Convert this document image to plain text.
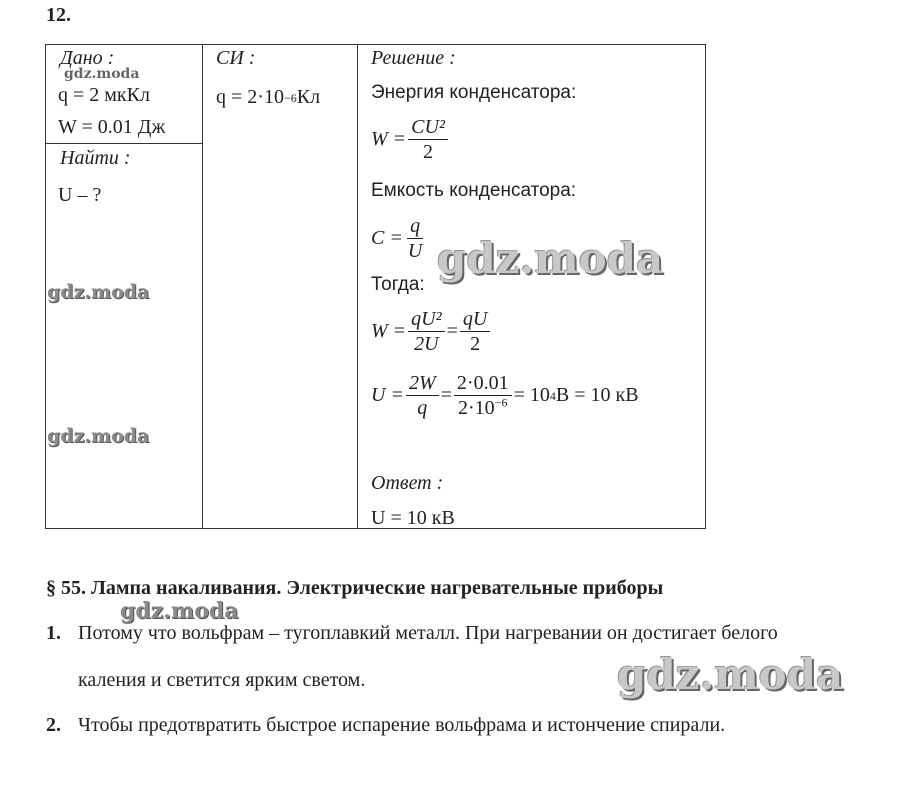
12.
Дано :
q = 2 мкКл
W = 0.01 Дж
Найти :
U – ?
СИ :
q = 2·10 −6 Кл
Решение :
Энергия конденсатора:
$W = \frac{\text{CU²}}{2}$
Емкость конденсатора:
$C = \frac{q}{U}$
Тогда:
$W = \frac{\text{qU²}}{2U} = \frac{qU}{2}$
$U = \frac{2W}{q} = \frac{2\cdot 0.01}{2\cdot 10^{-6}} = 10$ 4 В = 10 кВ
Ответ :
U = 10 кВ
§ 55. Лампа накаливания. Электрические нагревательные приборы
1. Потому что вольфрам – тугоплавкий металл. При нагревании он достигает белого
каления и светится ярким светом.
2. Чтобы предотвратить быстрое испарение вольфрама и истончение спирали.
gdz.moda
gdz.moda
gdz.moda
gdz.moda
gdz.moda
gdz.moda
